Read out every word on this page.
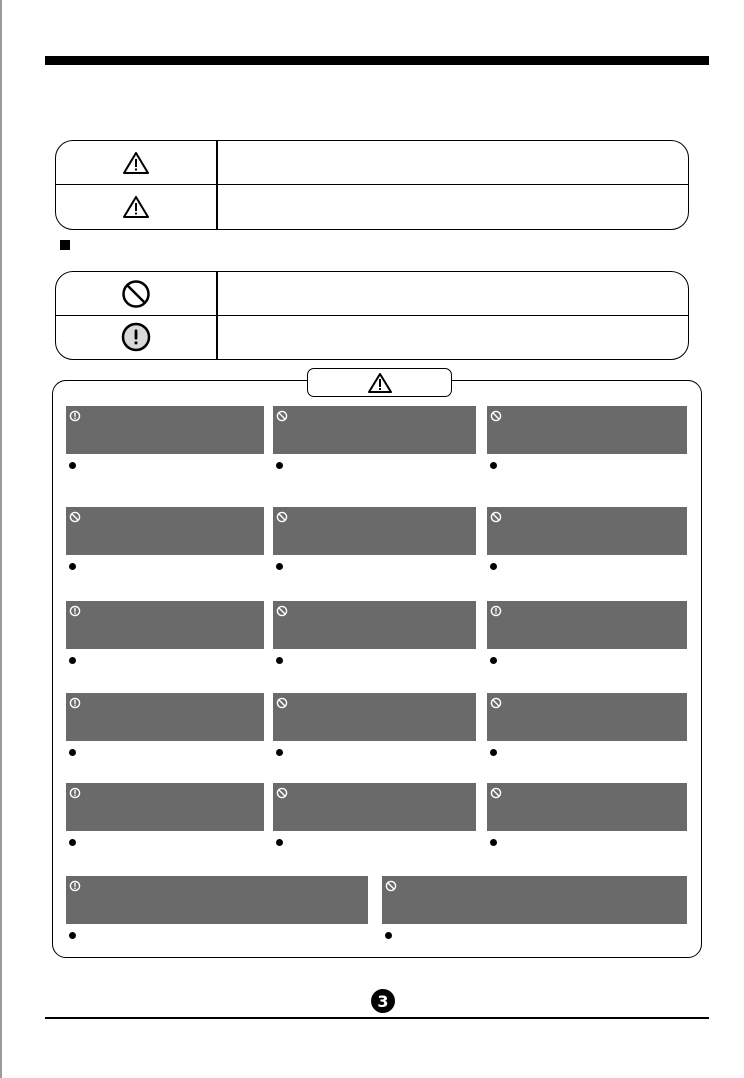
3
